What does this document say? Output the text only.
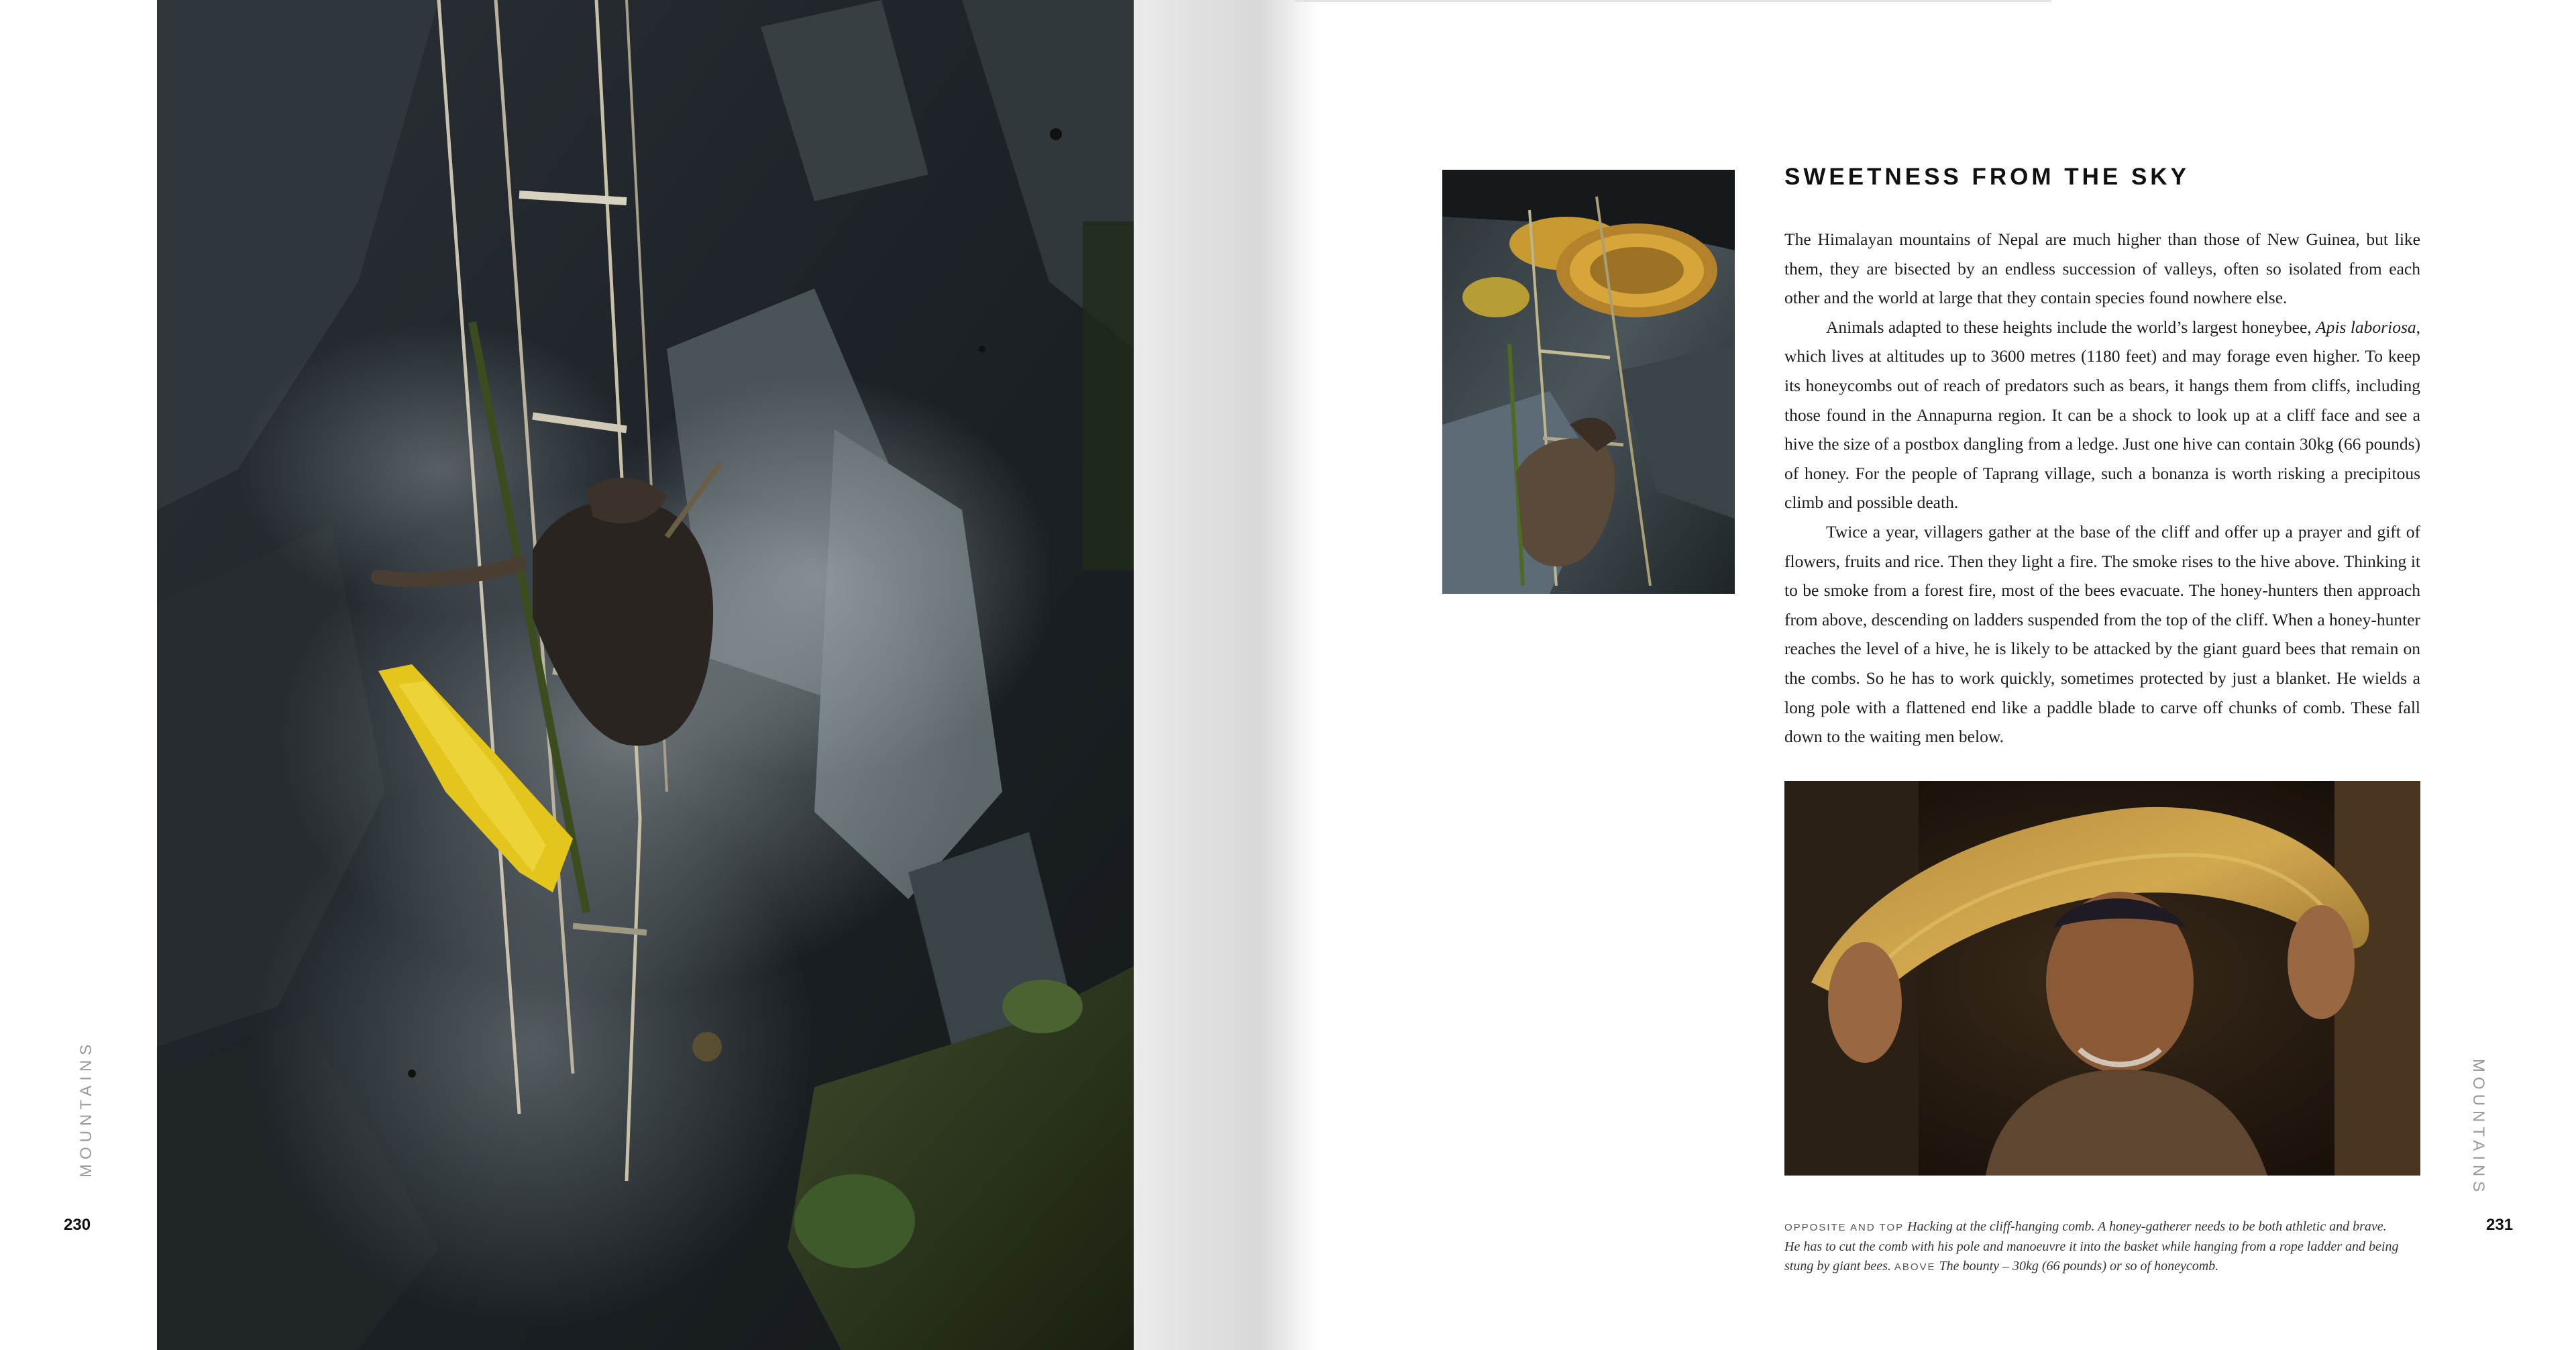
MOUNTAINS
230
SWEETNESS FROM THE SKY

The Himalayan mountains of Nepal are much higher than those of New Guinea, but like them, they are bisected by an endless succession of valleys, often so isolated from each other and the world at large that they contain species found nowhere else.

Animals adapted to these heights include the world’s largest honeybee, Apis laboriosa, which lives at altitudes up to 3600 metres (1180 feet) and may forage even higher. To keep its honeycombs out of reach of predators such as bears, it hangs them from cliffs, including those found in the Annapurna region. It can be a shock to look up at a cliff face and see a hive the size of a postbox dangling from a ledge. Just one hive can contain 30kg (66 pounds) of honey. For the people of Taprang village, such a bonanza is worth risking a precipitous climb and possible death.

Twice a year, villagers gather at the base of the cliff and offer up a prayer and gift of flowers, fruits and rice. Then they light a fire. The smoke rises to the hive above. Thinking it to be smoke from a forest fire, most of the bees evacuate. The honey-hunters then approach from above, descending on ladders suspended from the top of the cliff. When a honey-hunter reaches the level of a hive, he is likely to be attacked by the giant guard bees that remain on the combs. So he has to work quickly, sometimes protected by just a blanket. He wields a long pole with a flattened end like a paddle blade to carve off chunks of comb. These fall down to the waiting men below.

OPPOSITE AND TOP Hacking at the cliff-hanging comb. A honey-gatherer needs to be both athletic and brave. He has to cut the comb with his pole and manoeuvre it into the basket while hanging from a rope ladder and being stung by giant bees. ABOVE The bounty – 30kg (66 pounds) or so of honeycomb.
MOUNTAINS
231
